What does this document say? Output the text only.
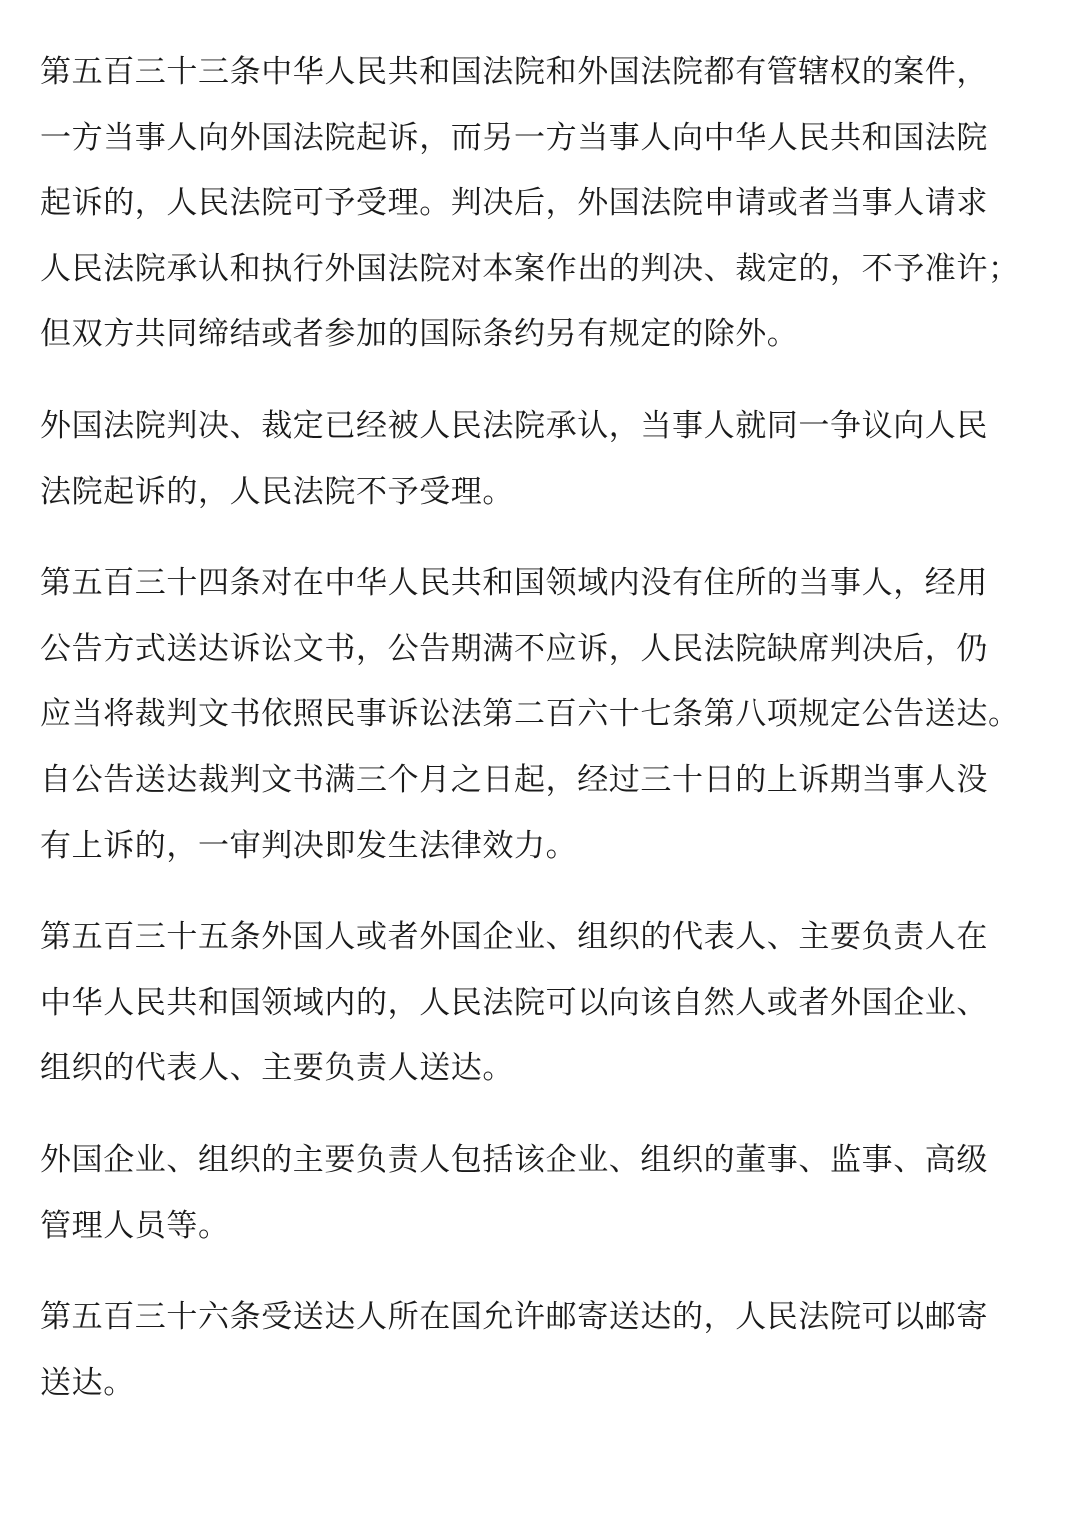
第五百三十三条中华人民共和国法院和外国法院都有管辖权的案件，
一方当事人向外国法院起诉，而另一方当事人向中华人民共和国法院
起诉的，人民法院可予受理。判决后，外国法院申请或者当事人请求
人民法院承认和执行外国法院对本案作出的判决、裁定的，不予准许；
但双方共同缔结或者参加的国际条约另有规定的除外。

外国法院判决、裁定已经被人民法院承认，当事人就同一争议向人民
法院起诉的，人民法院不予受理。

第五百三十四条对在中华人民共和国领域内没有住所的当事人，经用
公告方式送达诉讼文书，公告期满不应诉，人民法院缺席判决后，仍
应当将裁判文书依照民事诉讼法第二百六十七条第八项规定公告送达。
自公告送达裁判文书满三个月之日起，经过三十日的上诉期当事人没
有上诉的，一审判决即发生法律效力。

第五百三十五条外国人或者外国企业、组织的代表人、主要负责人在
中华人民共和国领域内的，人民法院可以向该自然人或者外国企业、
组织的代表人、主要负责人送达。

外国企业、组织的主要负责人包括该企业、组织的董事、监事、高级
管理人员等。

第五百三十六条受送达人所在国允许邮寄送达的，人民法院可以邮寄
送达。
